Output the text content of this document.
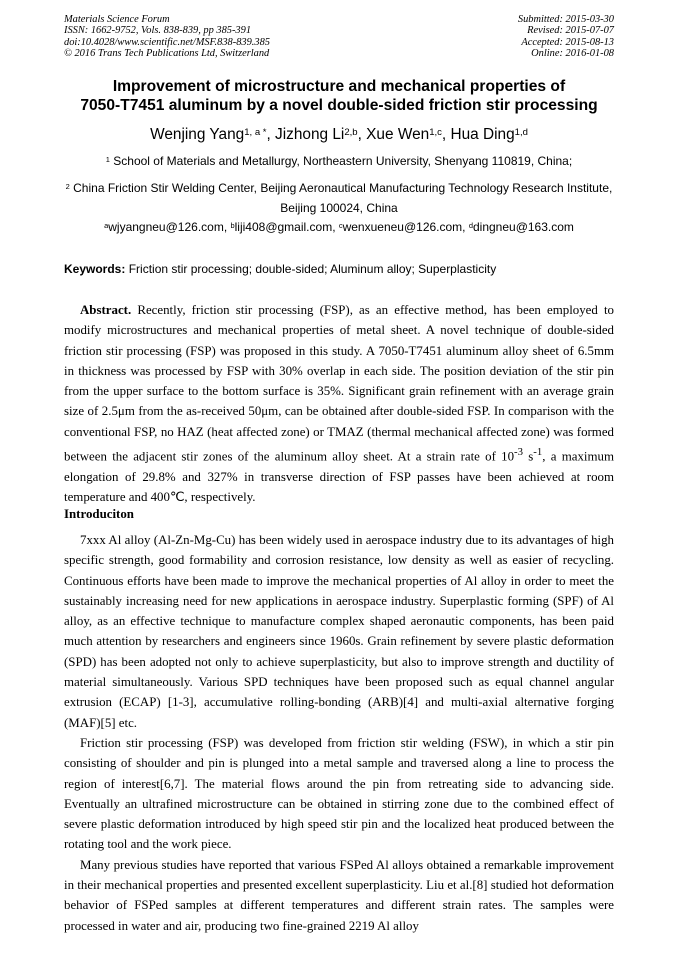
Materials Science Forum
ISSN: 1662-9752, Vols. 838-839, pp 385-391
doi:10.4028/www.scientific.net/MSF.838-839.385
© 2016 Trans Tech Publications Ltd, Switzerland
Submitted: 2015-03-30
Revised: 2015-07-07
Accepted: 2015-08-13
Online: 2016-01-08
Improvement of microstructure and mechanical properties of
7050-T7451 aluminum by a novel double-sided friction stir processing
Wenjing Yang$^{1, a *}$, Jizhong Li$^{2,b}$, Xue Wen$^{1,c}$, Hua Ding$^{1,d}$
$^1$ School of Materials and Metallurgy, Northeastern University, Shenyang 110819, China;
$^2$ China Friction Stir Welding Center, Beijing Aeronautical Manufacturing Technology Research Institute, Beijing 100024, China
$^a$wjyangneu@126.com, $^b$liji408@gmail.com, $^c$wenxueneu@126.com, $^d$dingneu@163.com
Keywords: Friction stir processing; double-sided; Aluminum alloy; Superplasticity
Abstract. Recently, friction stir processing (FSP), as an effective method, has been employed to modify microstructures and mechanical properties of metal sheet. A novel technique of double-sided friction stir processing (FSP) was proposed in this study. A 7050-T7451 aluminum alloy sheet of 6.5mm in thickness was processed by FSP with 30% overlap in each side. The position deviation of the stir pin from the upper surface to the bottom surface is 35%. Significant grain refinement with an average grain size of 2.5μm from the as-received 50μm, can be obtained after double-sided FSP. In comparison with the conventional FSP, no HAZ (heat affected zone) or TMAZ (thermal mechanical affected zone) was formed between the adjacent stir zones of the aluminum alloy sheet. At a strain rate of $10^{-3}$ $s^{-1}$, a maximum elongation of 29.8% and 327% in transverse direction of FSP passes have been achieved at room temperature and 400℃, respectively.
Introduciton

7xxx Al alloy (Al-Zn-Mg-Cu) has been widely used in aerospace industry due to its advantages of high specific strength, good formability and corrosion resistance, low density as well as easier of recycling. Continuous efforts have been made to improve the mechanical properties of Al alloy in order to meet the sustainably increasing need for new applications in aerospace industry. Superplastic forming (SPF) of Al alloy, as an effective technique to manufacture complex shaped aeronautic components, has been paid much attention by researchers and engineers since 1960s. Grain refinement by severe plastic deformation (SPD) has been adopted not only to achieve superplasticity, but also to improve strength and ductility of material simultaneously. Various SPD techniques have been proposed such as equal channel angular extrusion (ECAP) [1-3], accumulative rolling-bonding (ARB)[4] and multi-axial alternative forging (MAF)[5] etc.

Friction stir processing (FSP) was developed from friction stir welding (FSW), in which a stir pin consisting of shoulder and pin is plunged into a metal sample and traversed along a line to process the region of interest[6,7]. The material flows around the pin from retreating side to advancing side. Eventually an ultrafined microstructure can be obtained in stirring zone due to the combined effect of severe plastic deformation introduced by high speed stir pin and the localized heat produced between the rotating tool and the work piece.

Many previous studies have reported that various FSPed Al alloys obtained a remarkable improvement in their mechanical properties and presented excellent superplasticity. Liu et al.[8] studied hot deformation behavior of FSPed samples at different temperatures and different strain rates. The samples were processed in water and air, producing two fine-grained 2219 Al alloy
